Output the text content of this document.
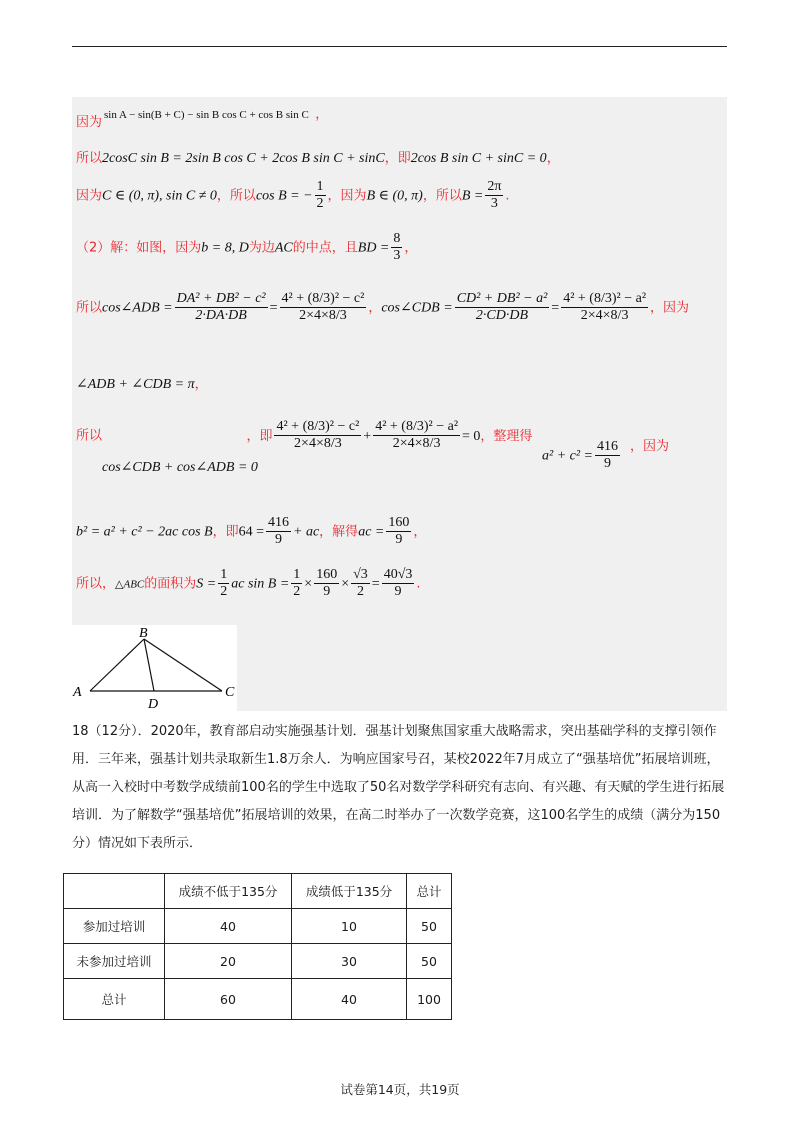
sin A − sin(B + C) − sin B cos C + cos B sin C ，
因为
所以2cosC sin B = 2sin B cos C + 2cos B sin C + sinC，即2cos B sin C + sinC = 0，
因为C ∈ (0, π), sin C ≠ 0，所以cos B = − $\frac{1}{2}$ ，因为B ∈ (0, π)，所以$B = \frac{2\pi}{3}$ .
（2）解：如图，因为b = 8, D为边AC的中点，且BD = $\frac{8}{3}$ ，
所以cos∠ADB = $\frac{\text{DA² + DB² − c²}}{2\cdot DA\cdot DB} = \frac{\text{4² + (8/3)² − c²}}{2\times 4\times 8/3}$ ，cos∠CDB = $\frac{\text{CD² + DB² − a²}}{2\cdot CD\cdot DB} = \frac{\text{4² + (8/3)² − a²}}{2\times 4\times 8/3}$ ，因为
∠ADB + ∠CDB = π，
所以	，即 $\frac{\text{4² + (8/3)² − c²}}{2\times 4\times 8/3} + \frac{\text{4² + (8/3)² − a²}}{2\times 4\times 8/3} = 0$，整理得
cos∠CDB + cos∠ADB = 0
$a^2 + c^2 = \frac{416}{9}$ ，因为
b² = a² + c² − 2ac cos B，即$64 = \frac{416}{9}$ + ac，解得ac = $\frac{160}{9}$ ，
所以，△ABC的面积为$S = \frac{1}{2}$ ac $\sin B = \frac{1}{2} \times \frac{160}{9} \times \frac{√3}{2} = \frac{40√3}{9}$ .
B
A	C
D
18（12分）．2020年，教育部启动实施强基计划．强基计划聚焦国家重大战略需求，突出基础学科的支撑引领作用．三年来，强基计划共录取新生1.8万余人．为响应国家号召，某校2022年7月成立了“强基培优”拓展培训班，从高一入校时中考数学成绩前100名的学生中选取了50名对数学学科研究有志向、有兴趣、有天赋的学生进行拓展培训．为了解数学“强基培优”拓展培训的效果，在高二时举办了一次数学竞赛，这100名学生的成绩（满分为150分）情况如下表所示．
	成绩不低于135分	成绩低于135分	总计
参加过培训	40	10	50
未参加过培训	20	30	50
总计	60	40	100
试卷第14页，共19页
